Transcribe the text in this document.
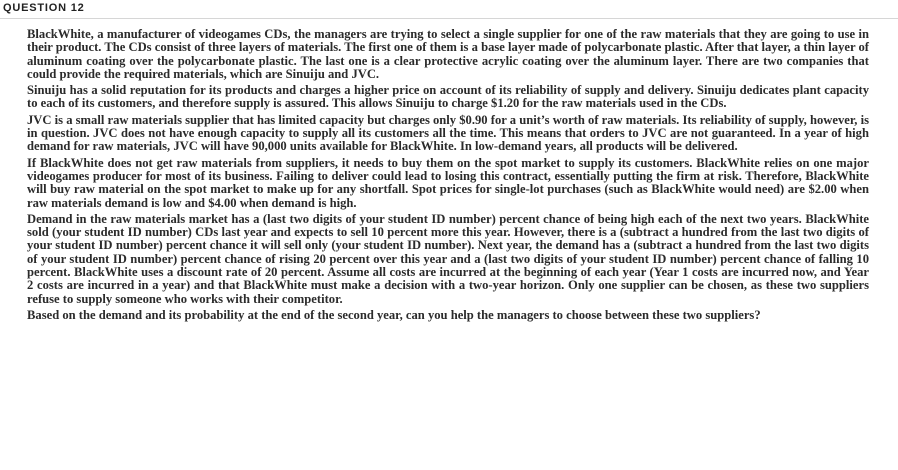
QUESTION 12

BlackWhite, a manufacturer of videogames CDs, the managers are trying to select a single supplier for one of the raw materials that they are going to use in their product. The CDs consist of three layers of materials. The first one of them is a base layer made of polycarbonate plastic. After that layer, a thin layer of aluminum coating over the polycarbonate plastic. The last one is a clear protective acrylic coating over the aluminum layer. There are two companies that could provide the required materials, which are Sinuiju and JVC.

Sinuiju has a solid reputation for its products and charges a higher price on account of its reliability of supply and delivery. Sinuiju dedicates plant capacity to each of its customers, and therefore supply is assured. This allows Sinuiju to charge $1.20 for the raw materials used in the CDs.

JVC is a small raw materials supplier that has limited capacity but charges only $0.90 for a unit’s worth of raw materials. Its reliability of supply, however, is in question. JVC does not have enough capacity to supply all its customers all the time. This means that orders to JVC are not guaranteed. In a year of high demand for raw materials, JVC will have 90,000 units available for BlackWhite. In low-demand years, all products will be delivered.

If BlackWhite does not get raw materials from suppliers, it needs to buy them on the spot market to supply its customers. BlackWhite relies on one major videogames producer for most of its business. Failing to deliver could lead to losing this contract, essentially putting the firm at risk. Therefore, BlackWhite will buy raw material on the spot market to make up for any shortfall. Spot prices for single-lot purchases (such as BlackWhite would need) are $2.00 when raw materials demand is low and $4.00 when demand is high.

Demand in the raw materials market has a (last two digits of your student ID number) percent chance of being high each of the next two years. BlackWhite sold (your student ID number) CDs last year and expects to sell 10 percent more this year. However, there is a (subtract a hundred from the last two digits of your student ID number) percent chance it will sell only (your student ID number). Next year, the demand has a (subtract a hundred from the last two digits of your student ID number) percent chance of rising 20 percent over this year and a (last two digits of your student ID number) percent chance of falling 10 percent. BlackWhite uses a discount rate of 20 percent. Assume all costs are incurred at the beginning of each year (Year 1 costs are incurred now, and Year 2 costs are incurred in a year) and that BlackWhite must make a decision with a two-year horizon. Only one supplier can be chosen, as these two suppliers refuse to supply someone who works with their competitor.

Based on the demand and its probability at the end of the second year, can you help the managers to choose between these two suppliers?
